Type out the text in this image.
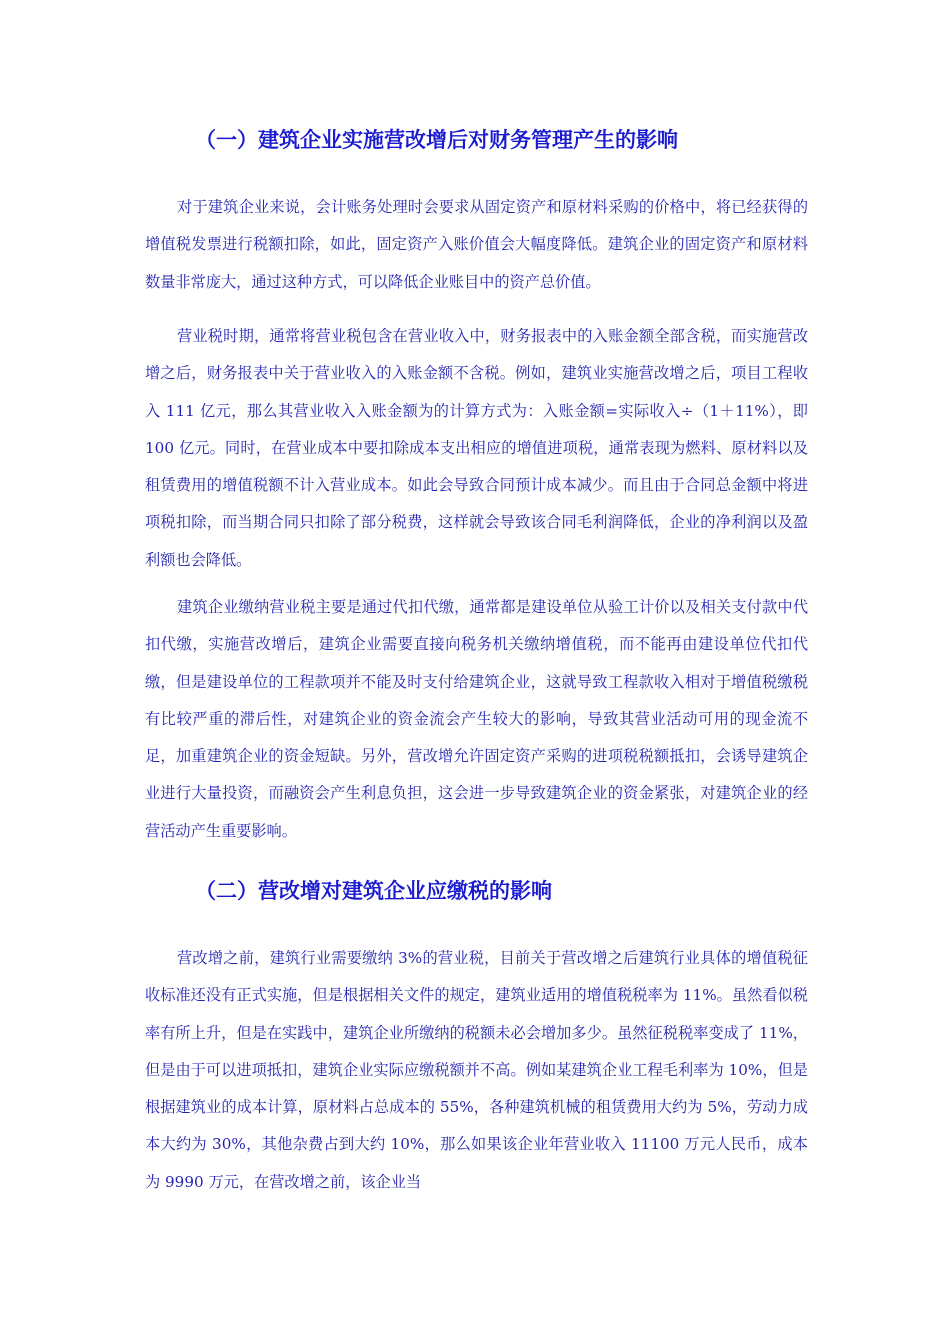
（一）建筑企业实施营改增后对财务管理产生的影响

对于建筑企业来说，会计账务处理时会要求从固定资产和原材料采购的价格中，将已经获得的增值税发票进行税额扣除，如此，固定资产入账价值会大幅度降低。建筑企业的固定资产和原材料数量非常庞大，通过这种方式，可以降低企业账目中的资产总价值。

营业税时期，通常将营业税包含在营业收入中，财务报表中的入账金额全部含税，而实施营改增之后，财务报表中关于营业收入的入账金额不含税。例如，建筑业实施营改增之后，项目工程收入 111 亿元，那么其营业收入入账金额为的计算方式为：入账金额=实际收入÷（1＋11%），即 100 亿元。同时，在营业成本中要扣除成本支出相应的增值进项税，通常表现为燃料、原材料以及租赁费用的增值税额不计入营业成本。如此会导致合同预计成本减少。而且由于合同总金额中将进项税扣除，而当期合同只扣除了部分税费，这样就会导致该合同毛利润降低，企业的净利润以及盈利额也会降低。

建筑企业缴纳营业税主要是通过代扣代缴，通常都是建设单位从验工计价以及相关支付款中代扣代缴，实施营改增后，建筑企业需要直接向税务机关缴纳增值税，而不能再由建设单位代扣代缴，但是建设单位的工程款项并不能及时支付给建筑企业，这就导致工程款收入相对于增值税缴税有比较严重的滞后性，对建筑企业的资金流会产生较大的影响，导致其营业活动可用的现金流不足，加重建筑企业的资金短缺。另外，营改增允许固定资产采购的进项税税额抵扣，会诱导建筑企业进行大量投资，而融资会产生利息负担，这会进一步导致建筑企业的资金紧张，对建筑企业的经营活动产生重要影响。

（二）营改增对建筑企业应缴税的影响

营改增之前，建筑行业需要缴纳 3%的营业税，目前关于营改增之后建筑行业具体的增值税征收标准还没有正式实施，但是根据相关文件的规定，建筑业适用的增值税税率为 11%。虽然看似税率有所上升，但是在实践中，建筑企业所缴纳的税额未必会增加多少。虽然征税税率变成了 11%，但是由于可以进项抵扣，建筑企业实际应缴税额并不高。例如某建筑企业工程毛利率为 10%，但是根据建筑业的成本计算，原材料占总成本的 55%，各种建筑机械的租赁费用大约为 5%，劳动力成本大约为 30%，其他杂费占到大约 10%，那么如果该企业年营业收入 11100 万元人民币，成本为 9990 万元，在营改增之前，该企业当
